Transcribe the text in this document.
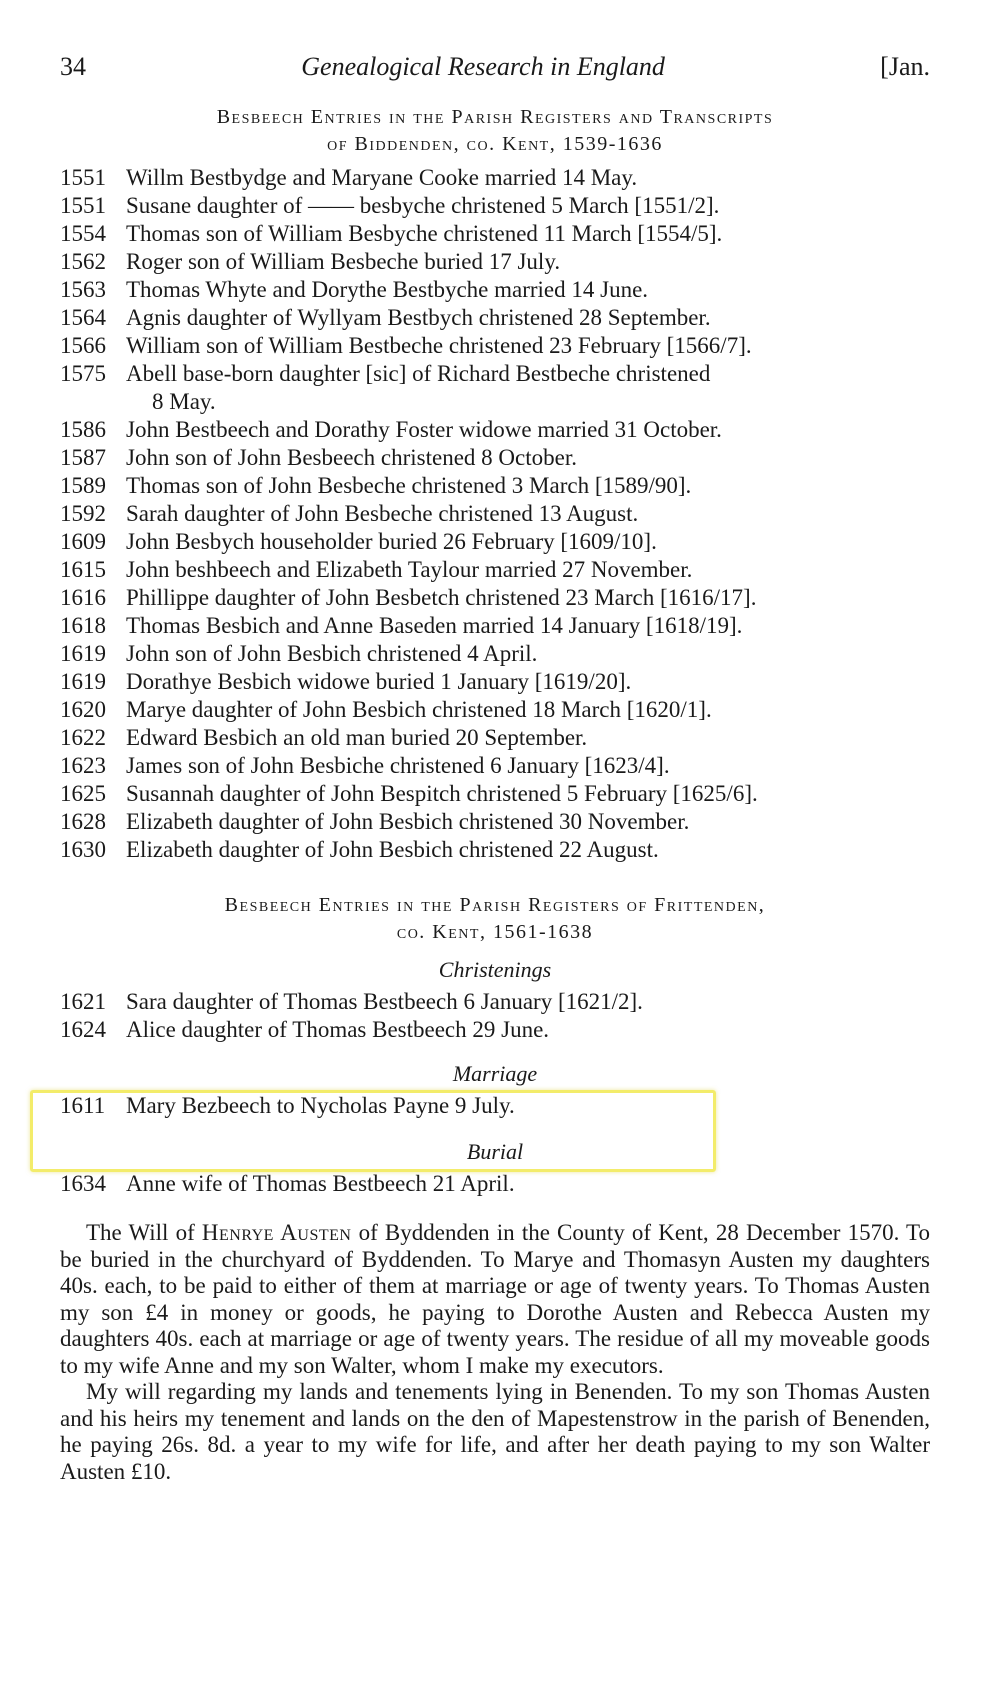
34	Genealogical Research in England	[Jan.
Besbeech Entries in the Parish Registers and Transcripts
of Biddenden, co. Kent, 1539-1636
1551 Willm Bestbydge and Maryane Cooke married 14 May.
1551 Susane daughter of —— besbyche christened 5 March [1551/2].
1554 Thomas son of William Besbyche christened 11 March [1554/5].
1562 Roger son of William Besbeche buried 17 July.
1563 Thomas Whyte and Dorythe Bestbyche married 14 June.
1564 Agnis daughter of Wyllyam Bestbych christened 28 September.
1566 William son of William Bestbeche christened 23 February [1566/7].
1575 Abell base-born daughter [sic] of Richard Bestbeche christened
8 May.
1586 John Bestbeech and Dorathy Foster widowe married 31 October.
1587 John son of John Besbeech christened 8 October.
1589 Thomas son of John Besbeche christened 3 March [1589/90].
1592 Sarah daughter of John Besbeche christened 13 August.
1609 John Besbych householder buried 26 February [1609/10].
1615 John beshbeech and Elizabeth Taylour married 27 November.
1616 Phillippe daughter of John Besbetch christened 23 March [1616/17].
1618 Thomas Besbich and Anne Baseden married 14 January [1618/19].
1619 John son of John Besbich christened 4 April.
1619 Dorathye Besbich widowe buried 1 January [1619/20].
1620 Marye daughter of John Besbich christened 18 March [1620/1].
1622 Edward Besbich an old man buried 20 September.
1623 James son of John Besbiche christened 6 January [1623/4].
1625 Susannah daughter of John Bespitch christened 5 February [1625/6].
1628 Elizabeth daughter of John Besbich christened 30 November.
1630 Elizabeth daughter of John Besbich christened 22 August.
Besbeech Entries in the Parish Registers of Frittenden,
co. Kent, 1561-1638
Christenings
1621 Sara daughter of Thomas Bestbeech 6 January [1621/2].
1624 Alice daughter of Thomas Bestbeech 29 June.
Marriage
1611 Mary Bezbeech to Nycholas Payne 9 July.
Burial
1634 Anne wife of Thomas Bestbeech 21 April.

The Will of Henrye Austen of Byddenden in the County of Kent, 28 December 1570. To be buried in the churchyard of Byddenden. To Marye and Thomasyn Austen my daughters 40s. each, to be paid to either of them at marriage or age of twenty years. To Thomas Austen my son £4 in money or goods, he paying to Dorothe Austen and Rebecca Austen my daughters 40s. each at marriage or age of twenty years. The residue of all my moveable goods to my wife Anne and my son Walter, whom I make my executors.

My will regarding my lands and tenements lying in Benenden. To my son Thomas Austen and his heirs my tenement and lands on the den of Mapestenstrow in the parish of Benenden, he paying 26s. 8d. a year to my wife for life, and after her death paying to my son Walter Austen £10.
